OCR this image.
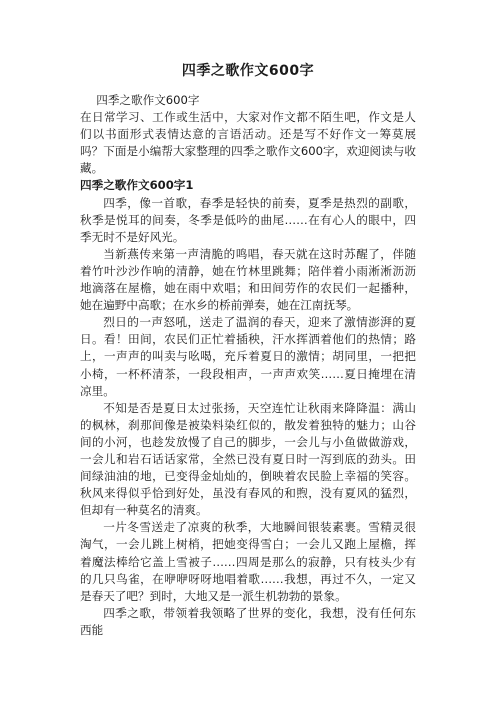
四季之歌作文600字

四季之歌作文600字

在日常学习、工作或生活中，大家对作文都不陌生吧，作文是人们以书面形式表情达意的言语活动。还是写不好作文一筹莫展吗？下面是小编帮大家整理的四季之歌作文600字，欢迎阅读与收藏。

四季之歌作文600字1

四季，像一首歌，春季是轻快的前奏，夏季是热烈的副歌，秋季是悦耳的间奏，冬季是低吟的曲尾……在有心人的眼中，四季无时不是好风光。

当新燕传来第一声清脆的鸣唱，春天就在这时苏醒了，伴随着竹叶沙沙作响的清静，她在竹林里跳舞；陪伴着小雨淅淅沥沥地滴落在屋檐，她在雨中欢唱；和田间劳作的农民们一起播种，她在遍野中高歌；在水乡的桥前弹奏，她在江南抚琴。

烈日的一声怒吼，送走了温润的春天，迎来了激情澎湃的夏日。看！田间，农民们正忙着插秧，汗水挥洒着他们的热情；路上，一声声的叫卖与吆喝，充斥着夏日的激情；胡同里，一把把小椅，一杯杯清茶，一段段相声，一声声欢笑……夏日掩埋在清凉里。

不知是否是夏日太过张扬，天空连忙让秋雨来降降温：满山的枫林，刹那间像是被染料染红似的，散发着独特的魅力；山谷间的小河，也趁发放慢了自己的脚步，一会儿与小鱼做做游戏，一会儿和岩石话话家常，全然已没有夏日时一泻到底的劲头。田间绿油油的地，已变得金灿灿的，倒映着农民脸上幸福的笑容。秋风来得似乎恰到好处，虽没有春风的和煦，没有夏风的猛烈，但却有一种莫名的清爽。

一片冬雪送走了凉爽的秋季，大地瞬间银装素裹。雪精灵很淘气，一会儿跳上树梢，把她变得雪白；一会儿又跑上屋檐，挥着魔法棒给它盖上雪被子……四周是那么的寂静，只有枝头少有的几只鸟雀，在咿咿呀呀地唱着歌……我想，再过不久，一定又是春天了吧？到时，大地又是一派生机勃勃的景象。

四季之歌，带领着我领略了世界的变化，我想，没有任何东西能
